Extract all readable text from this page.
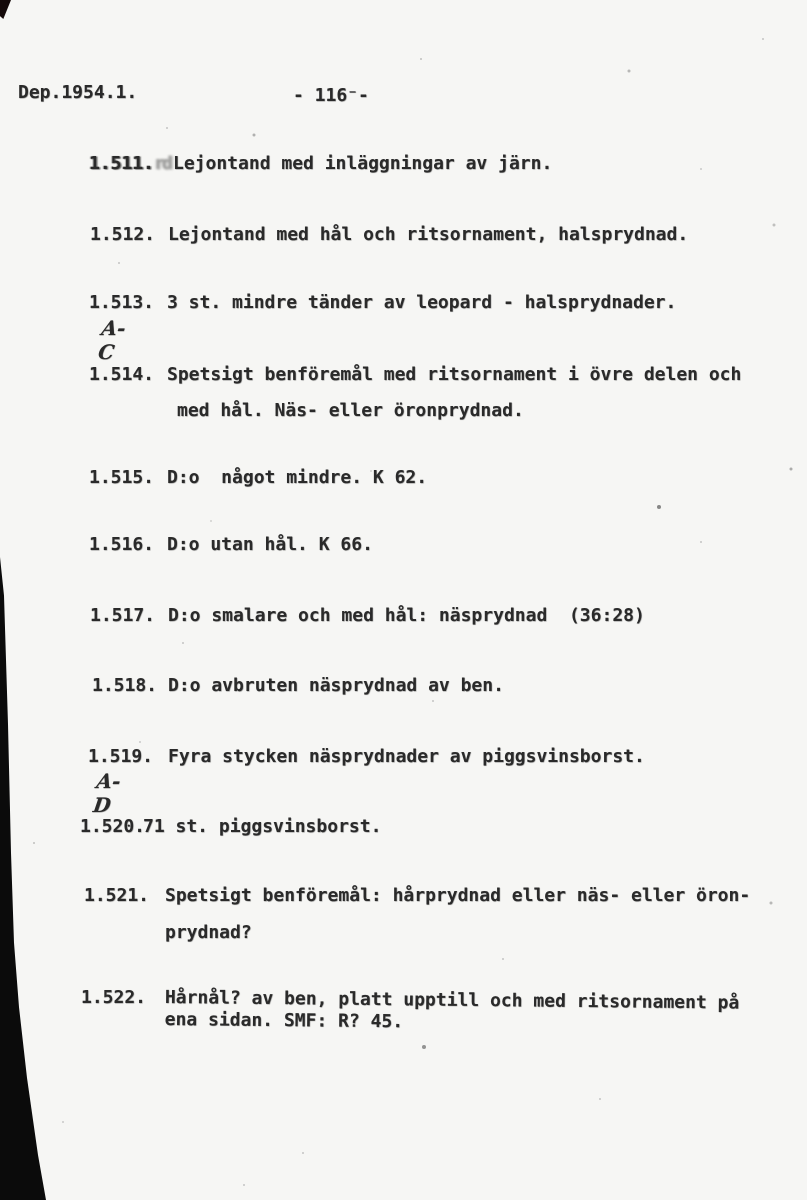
Dep.1954.1.	- 116⁻-
1.511.rd Lejontand med inläggningar av järn.
1.512. Lejontand med hål och ritsornament, halsprydnad.
1.513.
A-C
3 st. mindre tänder av leopard - halsprydnader.
1.514. Spetsigt benföremål med ritsornament i övre delen och
med hål. Näs- eller öronprydnad.
1.515. D:o  något mindre. K 62.
1.516. D:o utan hål. K 66.
1.517. D:o smalare och med hål: näsprydnad  (36:28)
1.518. D:o avbruten näsprydnad av ben.
1.519.
A-D
Fyra stycken näsprydnader av piggsvinsborst.
1.520.
71 st. piggsvinsborst.
1.521. Spetsigt benföremål: hårprydnad eller näs- eller öron-
prydnad?
1.522. Hårnål? av ben, platt upptill och med ritsornament på
ena sidan. SMF: R? 45.
